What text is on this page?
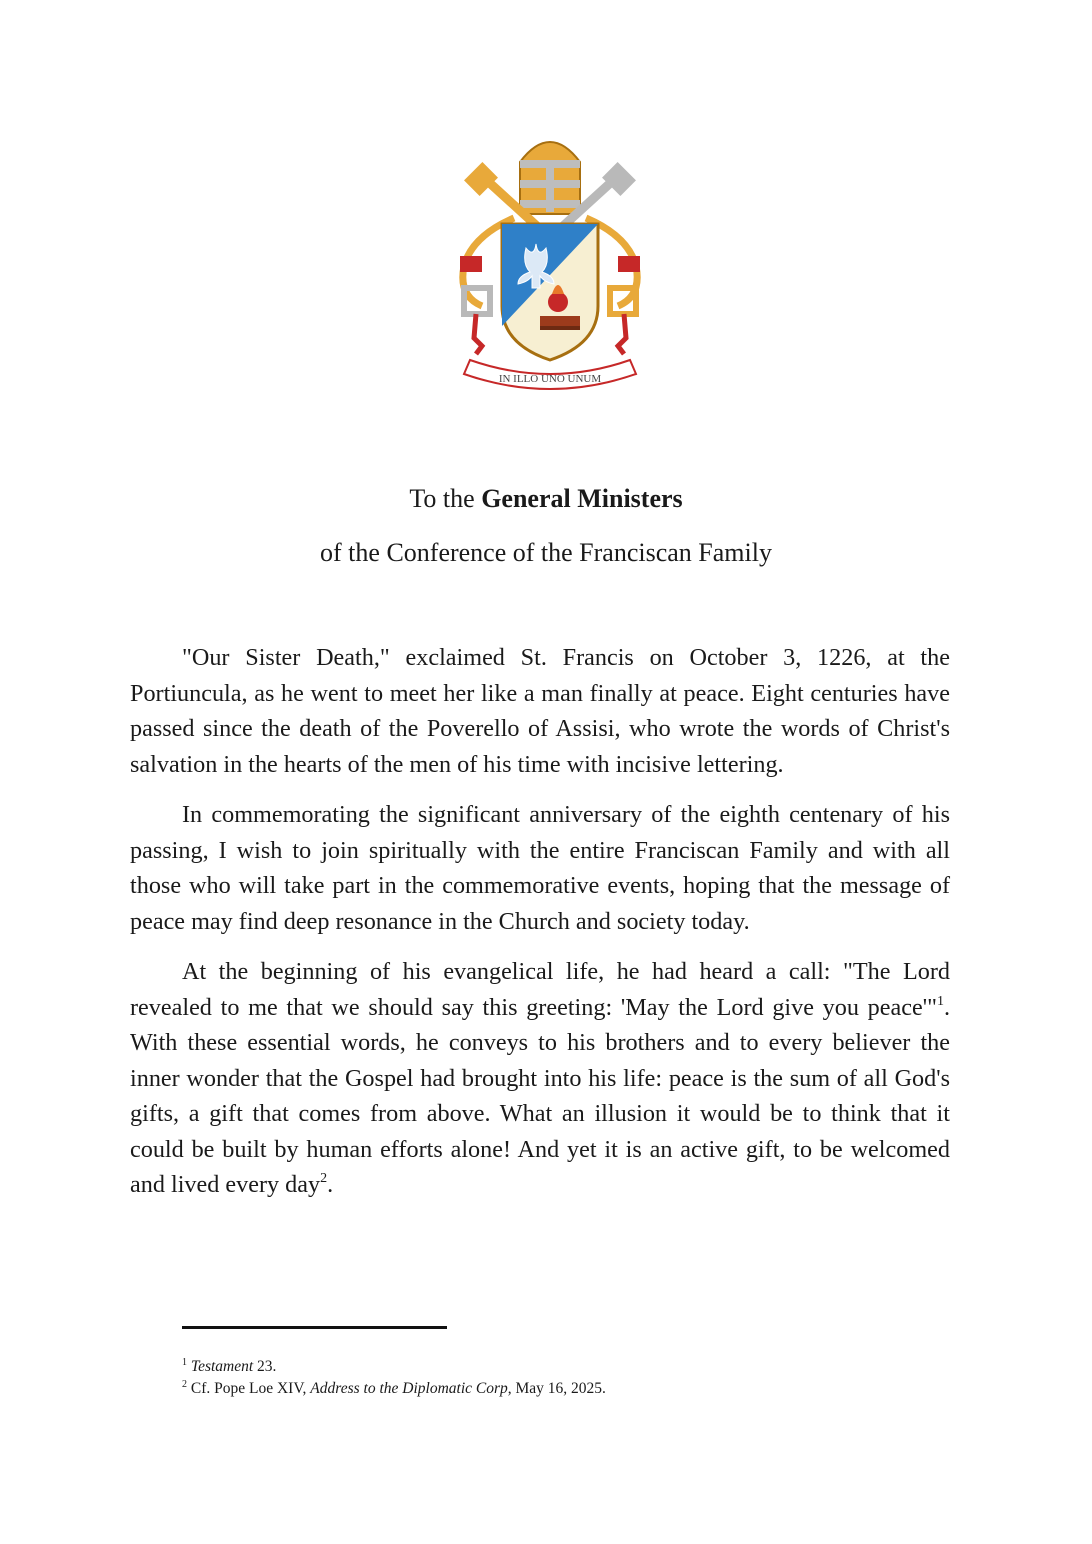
IN ILLO UNO UNUM
To the General Ministers
of the Conference of the Franciscan Family

"Our Sister Death," exclaimed St. Francis on October 3, 1226, at the Portiuncula, as he went to meet her like a man finally at peace. Eight centuries have passed since the death of the Poverello of Assisi, who wrote the words of Christ's salvation in the hearts of the men of his time with incisive lettering.

In commemorating the significant anniversary of the eighth centenary of his passing, I wish to join spiritually with the entire Franciscan Family and with all those who will take part in the commemorative events, hoping that the message of peace may find deep resonance in the Church and society today.

At the beginning of his evangelical life, he had heard a call: "The Lord revealed to me that we should say this greeting: 'May the Lord give you peace'"$^1$. With these essential words, he conveys to his brothers and to every believer the inner wonder that the Gospel had brought into his life: peace is the sum of all God's gifts, a gift that comes from above. What an illusion it would be to think that it could be built by human efforts alone! And yet it is an active gift, to be welcomed and lived every day$^2$.

$^1$ Testament 23.
$^2$ Cf. Pope Loe XIV, Address to the Diplomatic Corp, May 16, 2025.
